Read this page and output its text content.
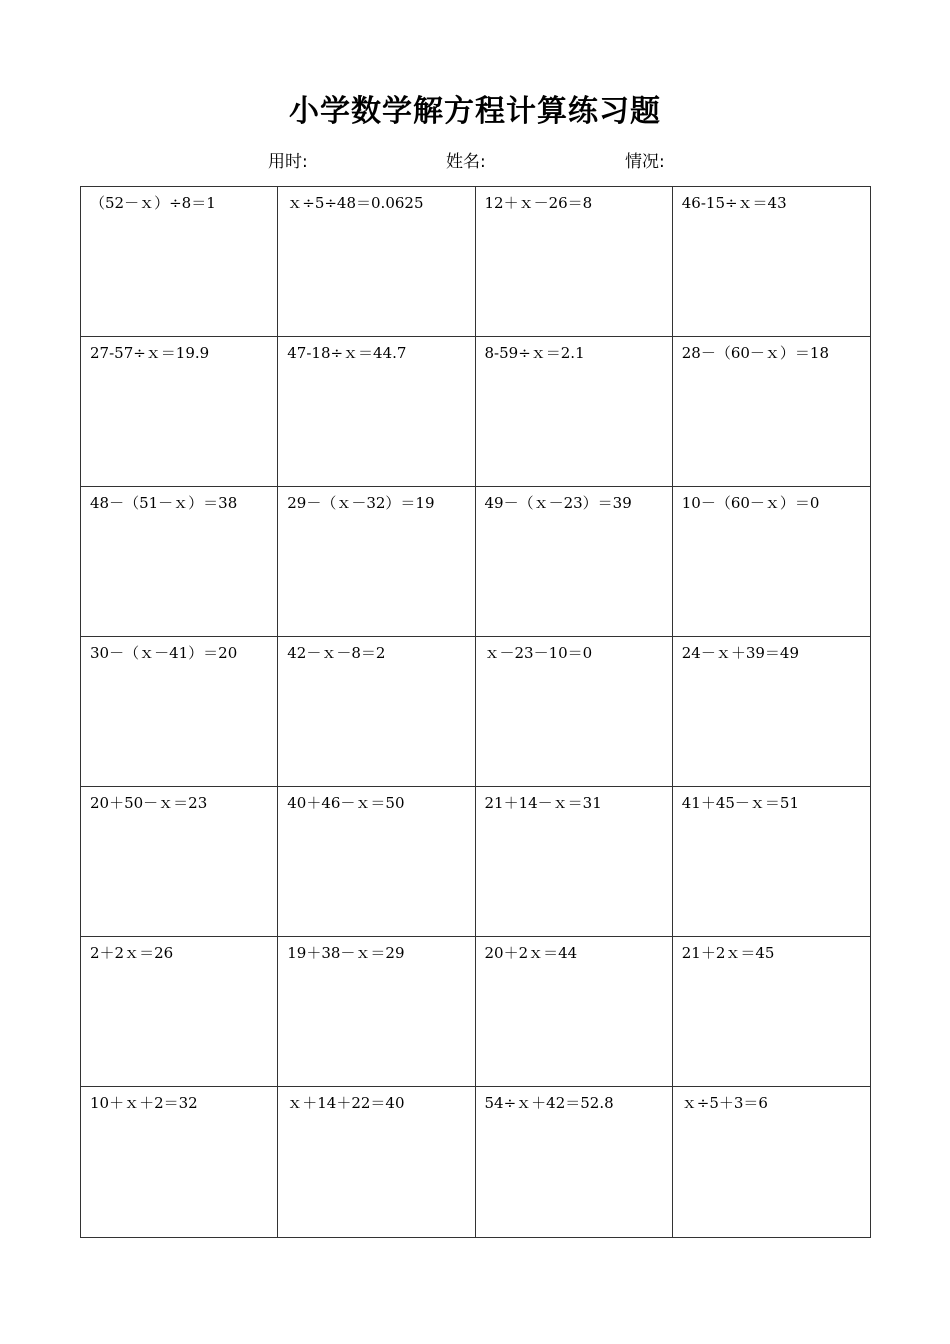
小学数学解方程计算练习题
用时:	姓名:	情况:
（52－ｘ）÷8＝1	ｘ÷5÷48＝0.0625	12＋ｘ－26＝8	46-15÷ｘ＝43
27-57÷ｘ＝19.9	47-18÷ｘ＝44.7	8-59÷ｘ＝2.1	28－（60－ｘ）＝18
48－（51－ｘ）＝38	29－（ｘ－32）＝19	49－（ｘ－23）＝39	10－（60－ｘ）＝0
30－（ｘ－41）＝20	42－ｘ－8＝2	ｘ－23－10＝0	24－ｘ＋39＝49
20＋50－ｘ＝23	40＋46－ｘ＝50	21＋14－ｘ＝31	41＋45－ｘ＝51
2＋2ｘ＝26	19＋38－ｘ＝29	20＋2ｘ＝44	21＋2ｘ＝45
10＋ｘ＋2＝32	ｘ＋14＋22＝40	54÷ｘ＋42＝52.8	ｘ÷5＋3＝6
